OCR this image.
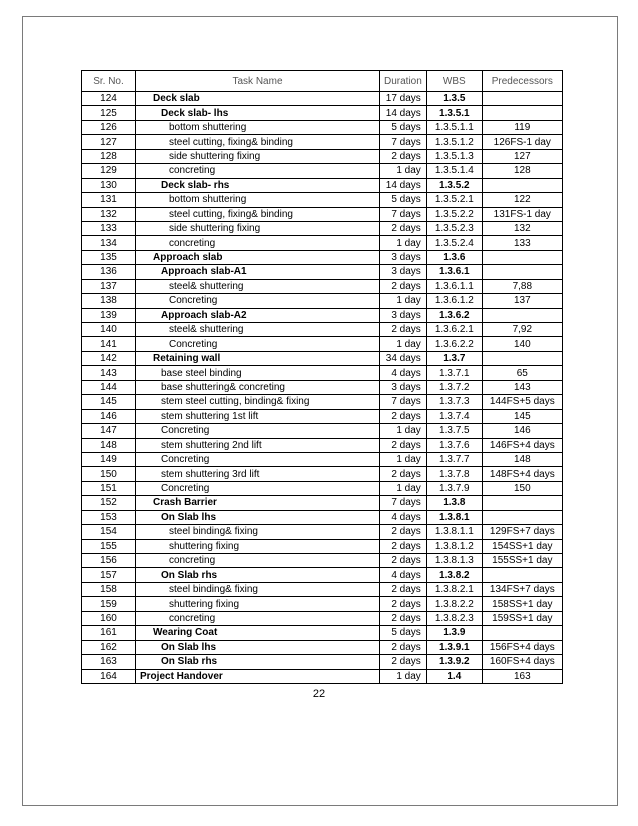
Sr. No.	Task Name	Duration	WBS	Predecessors
124	Deck slab	17 days	1.3.5	
125	Deck slab- lhs	14 days	1.3.5.1	
126	bottom shuttering	5 days	1.3.5.1.1	119
127	steel cutting, fixing& binding	7 days	1.3.5.1.2	126FS-1 day
128	side shuttering fixing	2 days	1.3.5.1.3	127
129	concreting	1 day	1.3.5.1.4	128
130	Deck slab- rhs	14 days	1.3.5.2	
131	bottom shuttering	5 days	1.3.5.2.1	122
132	steel cutting, fixing& binding	7 days	1.3.5.2.2	131FS-1 day
133	side shuttering fixing	2 days	1.3.5.2.3	132
134	concreting	1 day	1.3.5.2.4	133
135	Approach slab	3 days	1.3.6	
136	Approach slab-A1	3 days	1.3.6.1	
137	steel& shuttering	2 days	1.3.6.1.1	7,88
138	Concreting	1 day	1.3.6.1.2	137
139	Approach slab-A2	3 days	1.3.6.2	
140	steel& shuttering	2 days	1.3.6.2.1	7,92
141	Concreting	1 day	1.3.6.2.2	140
142	Retaining wall	34 days	1.3.7	
143	base steel binding	4 days	1.3.7.1	65
144	base shuttering& concreting	3 days	1.3.7.2	143
145	stem steel cutting, binding& fixing	7 days	1.3.7.3	144FS+5 days
146	stem shuttering 1st lift	2 days	1.3.7.4	145
147	Concreting	1 day	1.3.7.5	146
148	stem shuttering 2nd lift	2 days	1.3.7.6	146FS+4 days
149	Concreting	1 day	1.3.7.7	148
150	stem shuttering 3rd lift	2 days	1.3.7.8	148FS+4 days
151	Concreting	1 day	1.3.7.9	150
152	Crash Barrier	7 days	1.3.8	
153	On Slab lhs	4 days	1.3.8.1	
154	steel binding& fixing	2 days	1.3.8.1.1	129FS+7 days
155	shuttering fixing	2 days	1.3.8.1.2	154SS+1 day
156	concreting	2 days	1.3.8.1.3	155SS+1 day
157	On Slab rhs	4 days	1.3.8.2	
158	steel binding& fixing	2 days	1.3.8.2.1	134FS+7 days
159	shuttering fixing	2 days	1.3.8.2.2	158SS+1 day
160	concreting	2 days	1.3.8.2.3	159SS+1 day
161	Wearing Coat	5 days	1.3.9	
162	On Slab lhs	2 days	1.3.9.1	156FS+4 days
163	On Slab rhs	2 days	1.3.9.2	160FS+4 days
164	Project Handover	1 day	1.4	163
22
